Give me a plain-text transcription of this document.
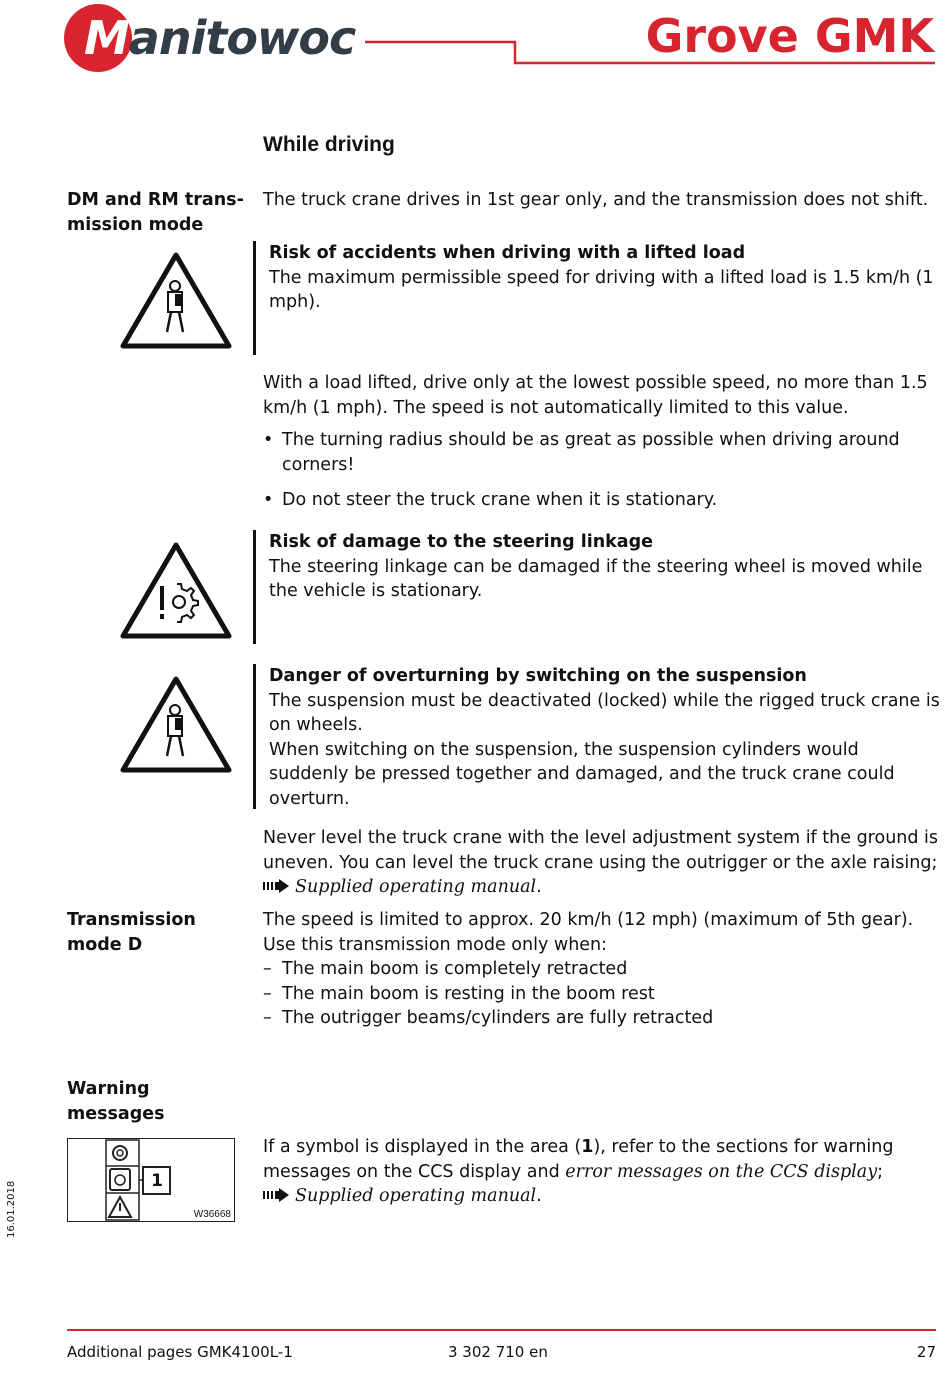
Manitowoc	Grove GMK
While driving
DM and RM trans-
mission mode
The truck crane drives in 1st gear only, and the transmission does not shift.
Risk of accidents when driving with a lifted load
The maximum permissible speed for driving with a lifted load is 1.5 km/h (1 mph).

With a load lifted, drive only at the lowest possible speed, no more than 1.5 km/h (1 mph). The speed is not automatically limited to this value.

• The turning radius should be as great as possible when driving around corners!
• Do not steer the truck crane when it is stationary.
Risk of damage to the steering linkage
The steering linkage can be damaged if the steering wheel is moved while the vehicle is stationary.
Danger of overturning by switching on the suspension
The suspension must be deactivated (locked) while the rigged truck crane is on wheels.
When switching on the suspension, the suspension cylinders would suddenly be pressed together and damaged, and the truck crane could overturn.
Never level the truck crane with the level adjustment system if the ground is uneven. You can level the truck crane using the outrigger or the axle raising; Supplied operating manual.
Transmission
mode D
The speed is limited to approx. 20 km/h (12 mph) (maximum of 5th gear).
Use this transmission mode only when:
– The main boom is completely retracted
– The main boom is resting in the boom rest
– The outrigger beams/cylinders are fully retracted
Warning
messages
1
W36668
If a symbol is displayed in the area (1), refer to the sections for warning messages on the CCS display and error messages on the CCS display;
Supplied operating manual.
16.01.2018
Additional pages GMK4100L-1	3 302 710 en	27
